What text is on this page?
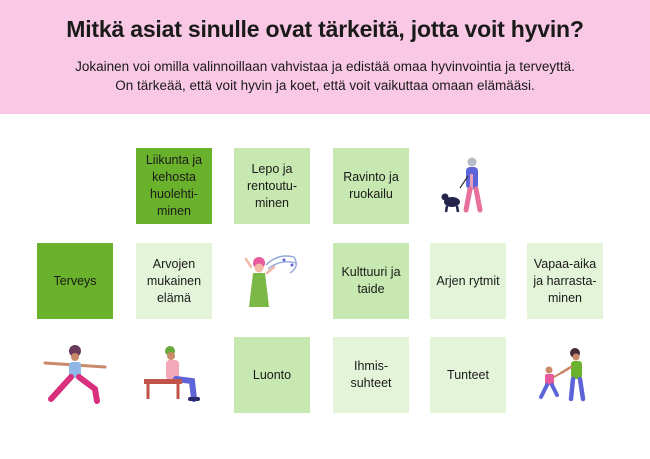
Mitkä asiat sinulle ovat tärkeitä, jotta voit hyvin?
Jokainen voi omilla valinnoillaan vahvistaa ja edistää omaa hyvinvointia ja terveyttä.
On tärkeää, että voit hyvin ja koet, että voit vaikuttaa omaan elämääsi.
Liikunta ja kehosta huolehti-minen
Lepo ja rentoutu-minen
Ravinto ja ruokailu
Terveys
Arvojen mukainen elämä
Kulttuuri ja taide
Arjen rytmit
Vapaa-aika ja harrasta-minen
Luonto
Ihmis-suhteet
Tunteet
